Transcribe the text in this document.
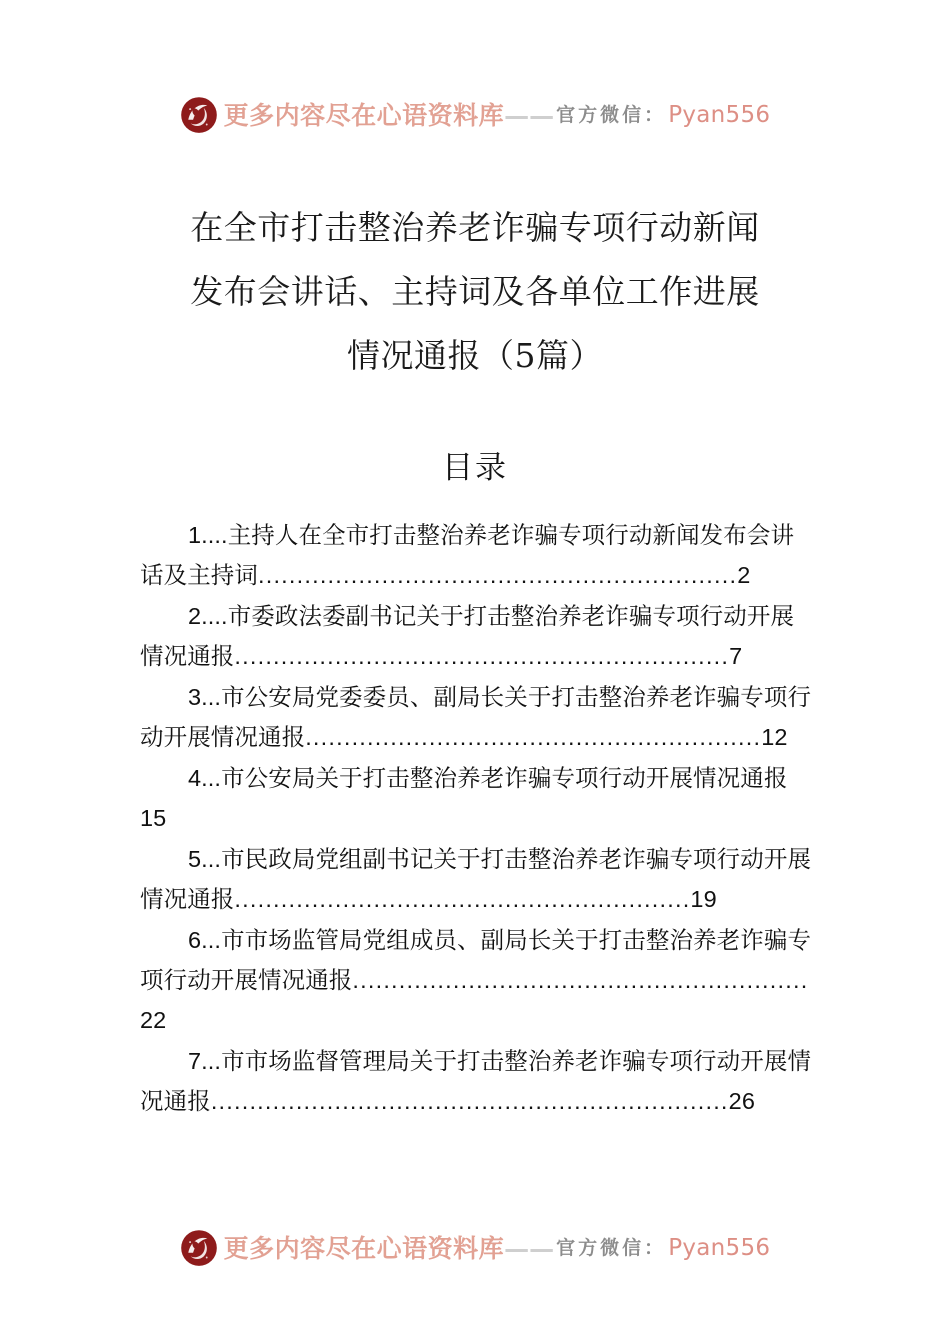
更多内容尽在心语资料库 —— 官方微信： Pyan556
在全市打击整治养老诈骗专项行动新闻
发布会讲话、主持词及各单位工作进展
情况通报（5篇）
目录

1....主持人在全市打击整治养老诈骗专项行动新闻发布会讲话及主持词..............................................................2

2....市委政法委副书记关于打击整治养老诈骗专项行动开展情况通报................................................................7

3...市公安局党委委员、副局长关于打击整治养老诈骗专项行动开展情况通报...........................................................12

4...市公安局关于打击整治养老诈骗专项行动开展情况通报15

5...市民政局党组副书记关于打击整治养老诈骗专项行动开展情况通报...........................................................19

6...市市场监管局党组成员、副局长关于打击整治养老诈骗专项行动开展情况通报...........................................................22

7...市市场监督管理局关于打击整治养老诈骗专项行动开展情况通报...................................................................26

更多内容尽在心语资料库 —— 官方微信： Pyan556
